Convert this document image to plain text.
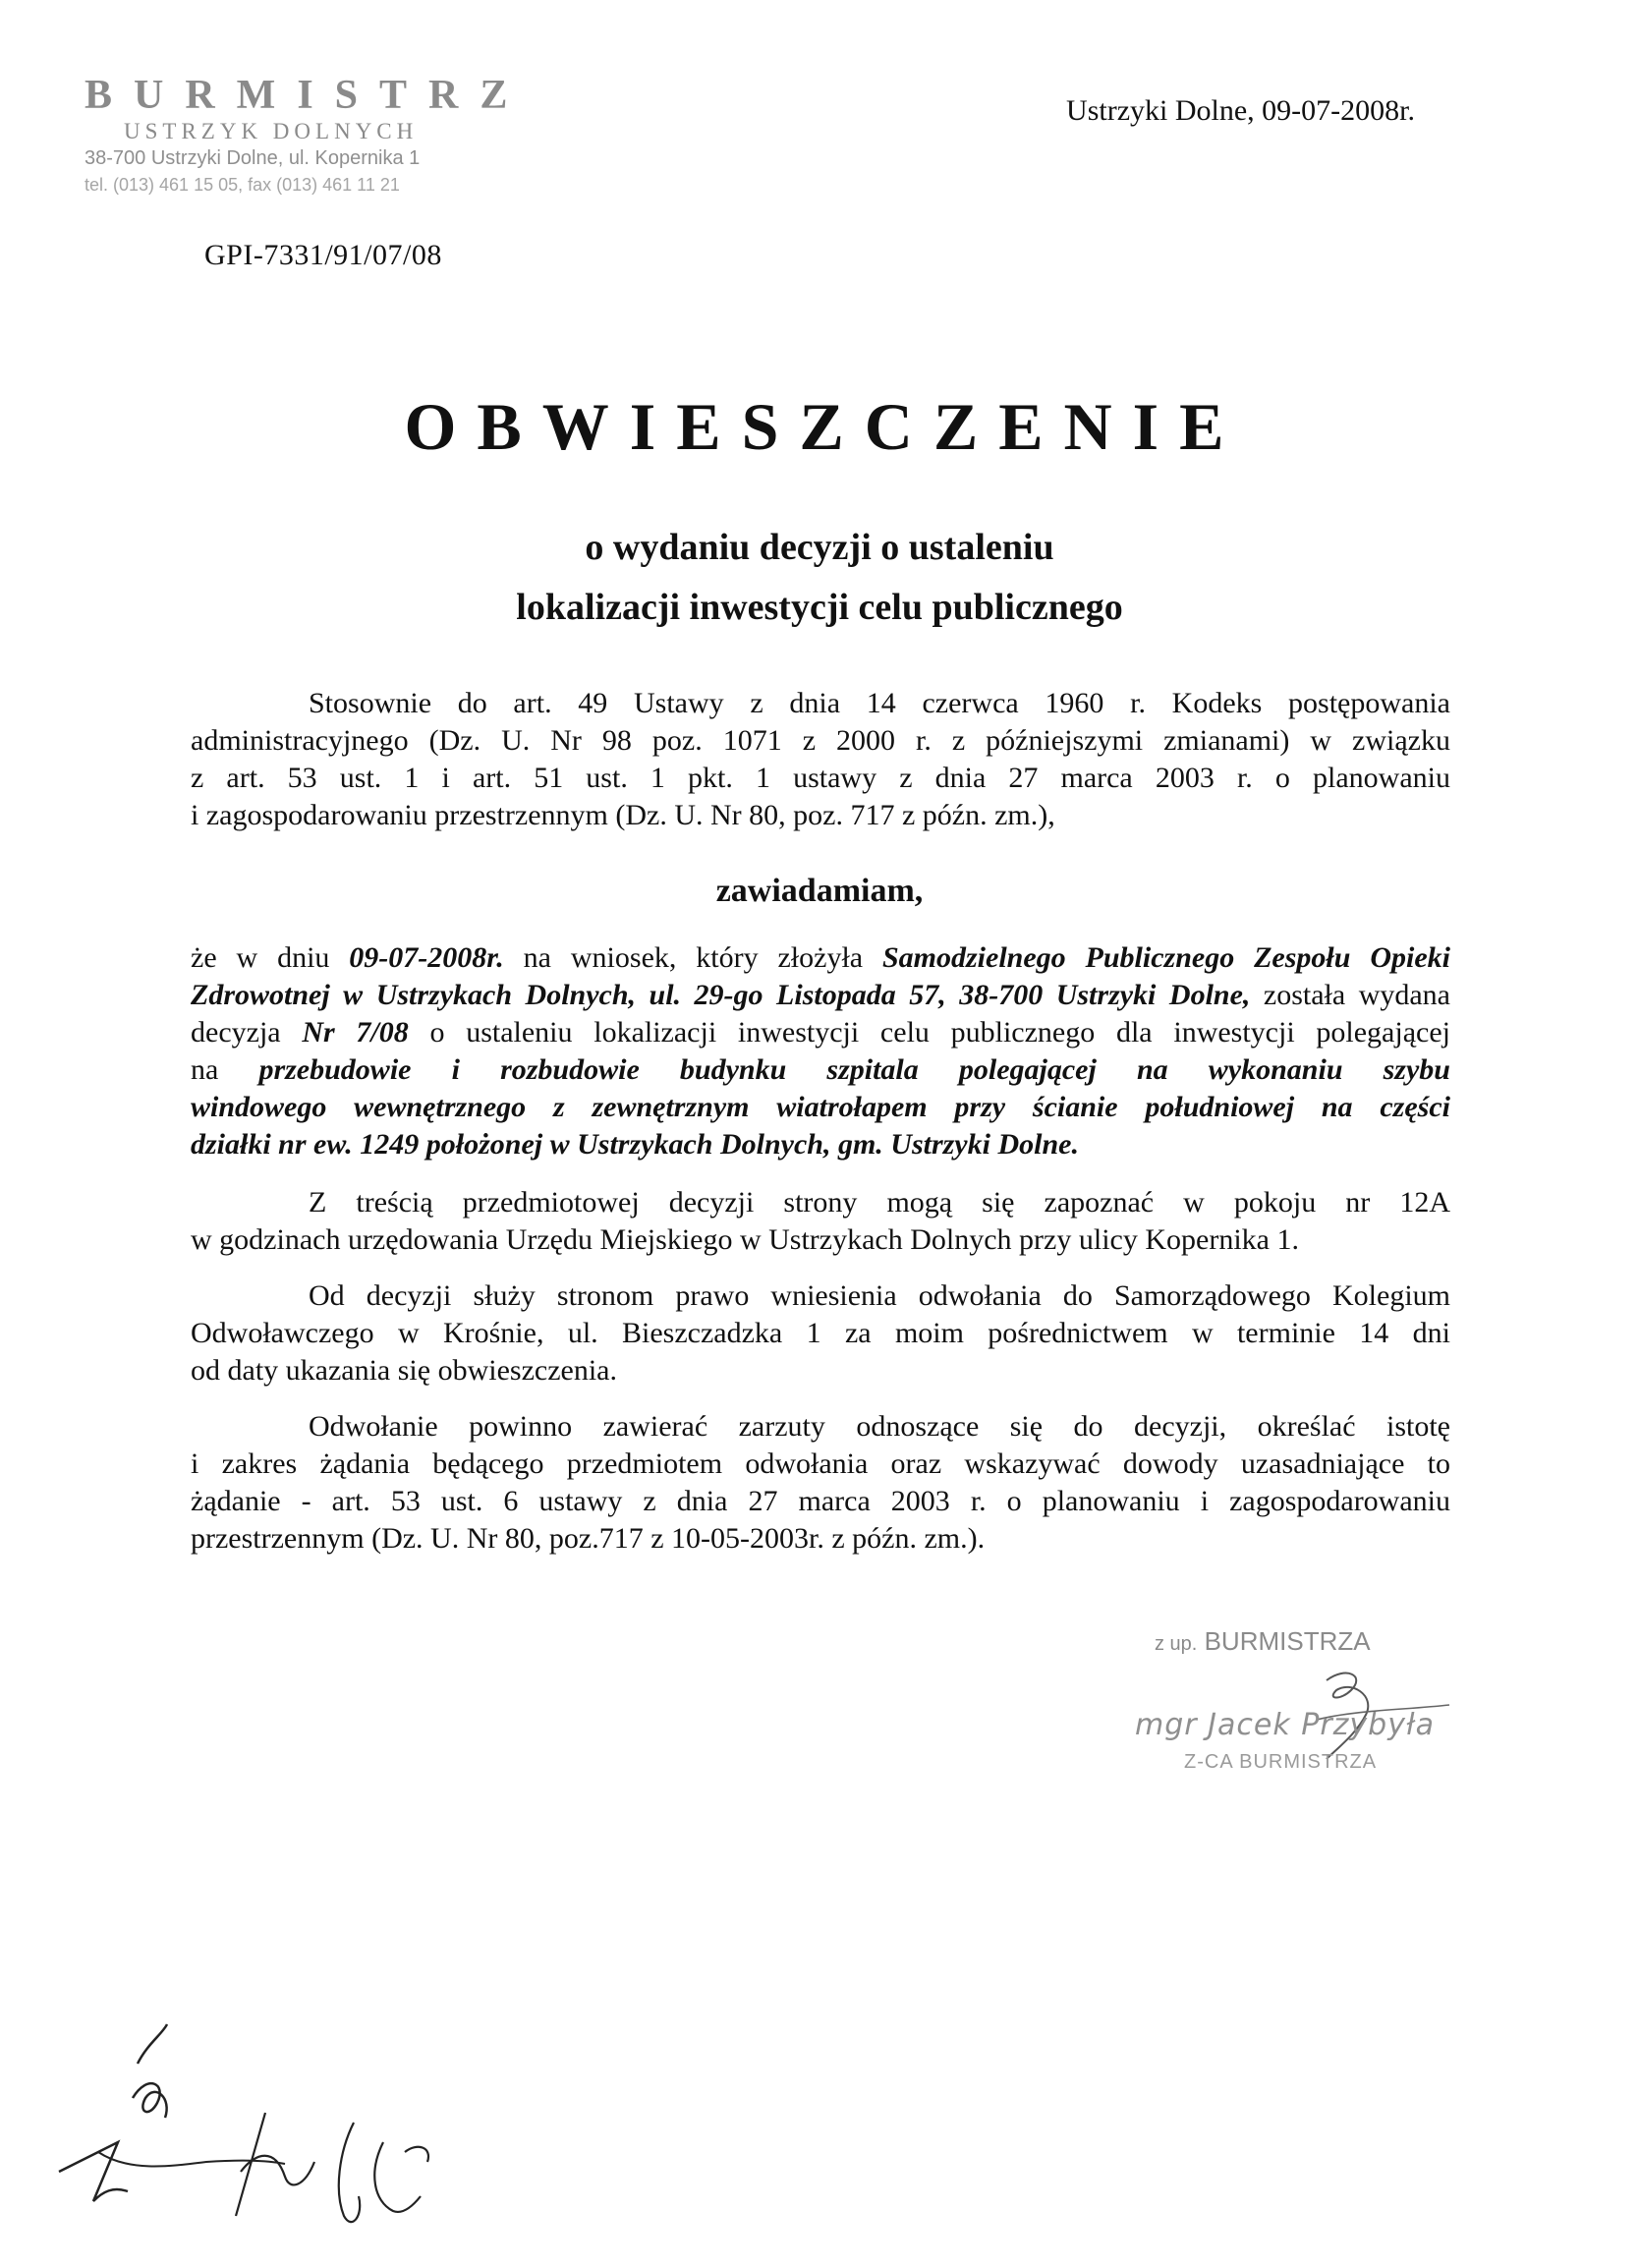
BURMISTRZ
USTRZYK DOLNYCH
38-700 Ustrzyki Dolne, ul. Kopernika 1
tel. (013) 461 15 05, fax (013) 461 11 21
Ustrzyki Dolne, 09-07-2008r.
GPI-7331/91/07/08
OBWIESZCZENIE
o wydaniu decyzji o ustaleniu
lokalizacji inwestycji celu publicznego
Stosownie do art. 49 Ustawy z dnia 14 czerwca 1960 r. Kodeks postępowania
administracyjnego (Dz. U. Nr 98 poz. 1071 z 2000 r. z późniejszymi zmianami) w związku
z art. 53 ust. 1 i art. 51 ust. 1 pkt. 1 ustawy z dnia 27 marca 2003 r. o planowaniu
i zagospodarowaniu przestrzennym (Dz. U. Nr 80, poz. 717 z późn. zm.),
zawiadamiam,
że w dniu 09-07-2008r. na wniosek, który złożyła Samodzielnego Publicznego Zespołu Opieki
Zdrowotnej w Ustrzykach Dolnych, ul. 29-go Listopada 57, 38-700 Ustrzyki Dolne, została wydana
decyzja Nr 7/08 o ustaleniu lokalizacji inwestycji celu publicznego dla inwestycji polegającej
na przebudowie i rozbudowie budynku szpitala polegającej na wykonaniu szybu
windowego wewnętrznego z zewnętrznym wiatrołapem przy ścianie południowej na części
działki nr ew. 1249 położonej w Ustrzykach Dolnych, gm. Ustrzyki Dolne.
Z treścią przedmiotowej decyzji strony mogą się zapoznać w pokoju nr 12A
w godzinach urzędowania Urzędu Miejskiego w Ustrzykach Dolnych przy ulicy Kopernika 1.
Od decyzji służy stronom prawo wniesienia odwołania do Samorządowego Kolegium
Odwoławczego w Krośnie, ul. Bieszczadzka 1 za moim pośrednictwem w terminie 14 dni
od daty ukazania się obwieszczenia.
Odwołanie powinno zawierać zarzuty odnoszące się do decyzji, określać istotę
i zakres żądania będącego przedmiotem odwołania oraz wskazywać dowody uzasadniające to
żądanie - art. 53 ust. 6 ustawy z dnia 27 marca 2003 r. o planowaniu i zagospodarowaniu
przestrzennym (Dz. U. Nr 80, poz.717 z 10-05-2003r. z późn. zm.).
z up. BURMISTRZA
mgr Jacek Przybyła
Z-CA BURMISTRZA
